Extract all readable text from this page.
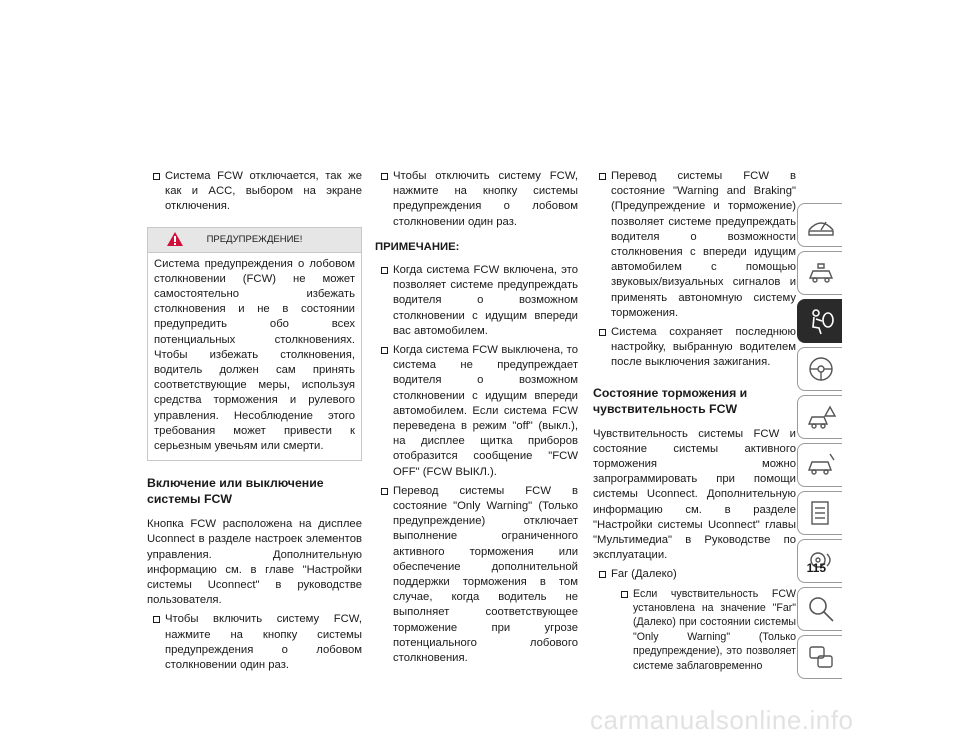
Система FCW отключается, так же как и ACC, выбором на экране отключения.
ПРЕДУПРЕЖДЕНИЕ!
Система предупреждения о лобовом столкновении (FCW) не может самостоятельно избежать столкновения и не в состоянии предупредить обо всех потенциальных столкновениях. Чтобы избежать столкновения, водитель должен сам принять соответствующие меры, используя средства торможения и рулевого управления. Несоблюдение этого требования может привести к серьезным увечьям или смерти.
Включение или выключение системы FCW

Кнопка FCW расположена на дисплее Uconnect в разделе настроек элементов управления. Дополнительную информацию см. в главе "Настройки системы Uconnect" в руководстве пользователя.

Чтобы включить систему FCW, нажмите на кнопку системы предупреждения о лобовом столкновении один раз.
Чтобы отключить систему FCW, нажмите на кнопку системы предупреждения о лобовом столкновении один раз.
ПРИМЕЧАНИЕ:
Когда система FCW включена, это позволяет системе предупреждать водителя о возможном столкновении с идущим впереди вас автомобилем.
Когда система FCW выключена, то система не предупреждает водителя о возможном столкновении с идущим впереди автомобилем. Если система FCW переведена в режим "off" (выкл.), на дисплее щитка приборов отобразится сообщение "FCW OFF" (FCW ВЫКЛ.).
Перевод системы FCW в состояние "Only Warning" (Только предупреждение) отключает выполнение ограниченного активного торможения или обеспечение дополнительной поддержки торможения в том случае, когда водитель не выполняет соответствующее торможение при угрозе потенциального лобового столкновения.
Перевод системы FCW в состояние "Warning and Braking" (Предупреждение и торможение) позволяет системе предупреждать водителя о возможности столкновения с впереди идущим автомобилем с помощью звуковых/визуальных сигналов и применять автономную систему торможения.
Система сохраняет последнюю настройку, выбранную водителем после выключения зажигания.
Состояние торможения и чувствительность FCW

Чувствительность системы FCW и состояние системы активного торможения можно запрограммировать при помощи системы Uconnect. Дополнительную информацию см. в разделе "Настройки системы Uconnect" главы "Мультимедиа" в Руководстве по эксплуатации.

Far (Далеко)
Если чувствительность FCW установлена на значение "Far" (Далеко) при состоянии системы "Only Warning" (Только предупреждение), это позволяет системе заблаговременно
115
carmanualsonline.info
